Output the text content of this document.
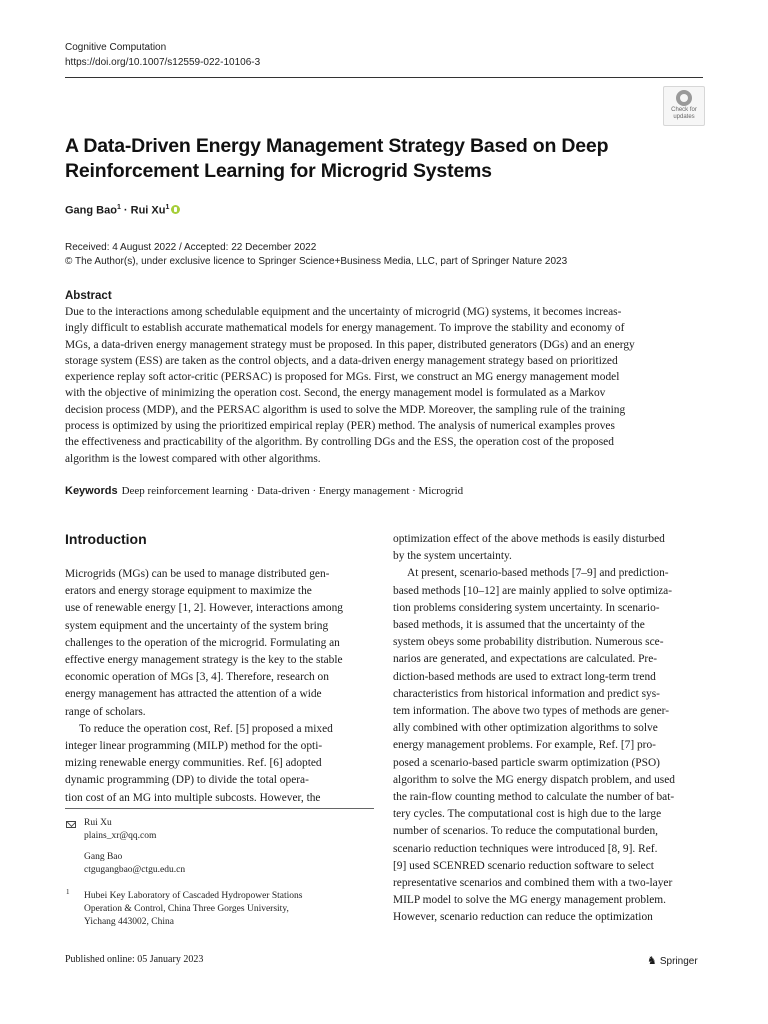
Cognitive Computation
https://doi.org/10.1007/s12559-022-10106-3
Check for
updates
A Data-Driven Energy Management Strategy Based on Deep
Reinforcement Learning for Microgrid Systems
Gang Bao$^1$ · Rui Xu$^1$
Received: 4 August 2022 / Accepted: 22 December 2022
© The Author(s), under exclusive licence to Springer Science+Business Media, LLC, part of Springer Nature 2023
Abstract
Due to the interactions among schedulable equipment and the uncertainty of microgrid (MG) systems, it becomes increas-
ingly difficult to establish accurate mathematical models for energy management. To improve the stability and economy of
MGs, a data-driven energy management strategy must be proposed. In this paper, distributed generators (DGs) and an energy
storage system (ESS) are taken as the control objects, and a data-driven energy management strategy based on prioritized
experience replay soft actor-critic (PERSAC) is proposed for MGs. First, we construct an MG energy management model
with the objective of minimizing the operation cost. Second, the energy management model is formulated as a Markov
decision process (MDP), and the PERSAC algorithm is used to solve the MDP. Moreover, the sampling rule of the training
process is optimized by using the prioritized empirical replay (PER) method. The analysis of numerical examples proves
the effectiveness and practicability of the algorithm. By controlling DGs and the ESS, the operation cost of the proposed
algorithm is the lowest compared with other algorithms.
Keywords Deep reinforcement learning · Data-driven · Energy management · Microgrid
Introduction
Microgrids (MGs) can be used to manage distributed gen-
erators and energy storage equipment to maximize the
use of renewable energy [1, 2]. However, interactions among
system equipment and the uncertainty of the system bring
challenges to the operation of the microgrid. Formulating an
effective energy management strategy is the key to the stable
economic operation of MGs [3, 4]. Therefore, research on
energy management has attracted the attention of a wide
range of scholars.
To reduce the operation cost, Ref. [5] proposed a mixed
integer linear programming (MILP) method for the opti-
mizing renewable energy communities. Ref. [6] adopted
dynamic programming (DP) to divide the total opera-
tion cost of an MG into multiple subcosts. However, the
optimization effect of the above methods is easily disturbed
by the system uncertainty.
At present, scenario-based methods [7–9] and prediction-
based methods [10–12] are mainly applied to solve optimiza-
tion problems considering system uncertainty. In scenario-
based methods, it is assumed that the uncertainty of the
system obeys some probability distribution. Numerous sce-
narios are generated, and expectations are calculated. Pre-
diction-based methods are used to extract long-term trend
characteristics from historical information and predict sys-
tem information. The above two types of methods are gener-
ally combined with other optimization algorithms to solve
energy management problems. For example, Ref. [7] pro-
posed a scenario-based particle swarm optimization (PSO)
algorithm to solve the MG energy dispatch problem, and used
the rain-flow counting method to calculate the number of bat-
tery cycles. The computational cost is high due to the large
number of scenarios. To reduce the computational burden,
scenario reduction techniques were introduced [8, 9]. Ref.
[9] used SCENRED scenario reduction software to select
representative scenarios and combined them with a two-layer
MILP model to solve the MG energy management problem.
However, scenario reduction can reduce the optimization
Rui Xu
plains_xr@qq.com
Gang Bao
ctgugangbao@ctgu.edu.cn
1 Hubei Key Laboratory of Cascaded Hydropower Stations
Operation & Control, China Three Gorges University,
Yichang 443002, China
Published online: 05 January 2023	♞ Springer
